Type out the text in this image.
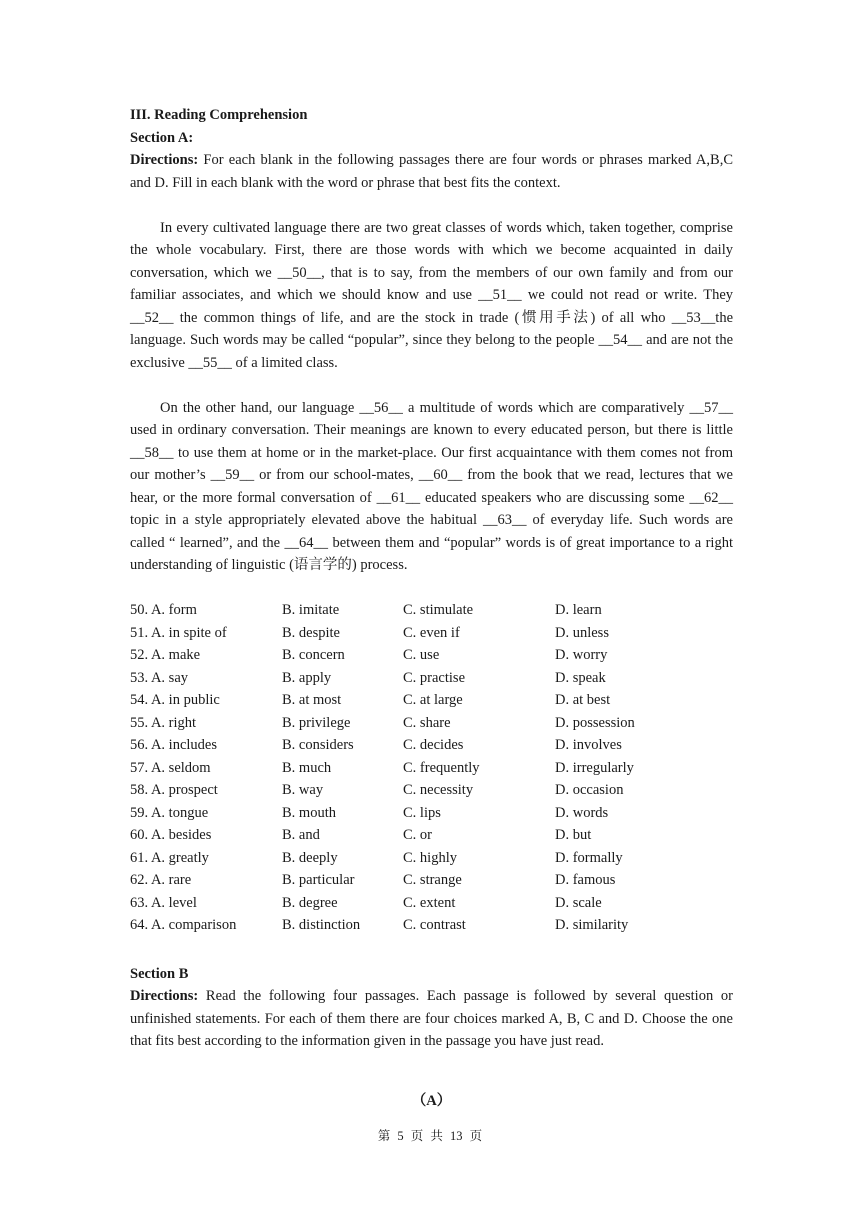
III. Reading Comprehension

Section A:

Directions: For each blank in the following passages there are four words or phrases marked A,B,C and D. Fill in each blank with the word or phrase that best fits the context.

In every cultivated language there are two great classes of words which, taken together, comprise the whole vocabulary. First, there are those words with which we become acquainted in daily conversation, which we __50__, that is to say, from the members of our own family and from our familiar associates, and which we should know and use __51__ we could not read or write. They __52__ the common things of life, and are the stock in trade (惯用手法) of all who __53__the language. Such words may be called “popular”, since they belong to the people __54__ and are not the exclusive __55__ of a limited class.

On the other hand, our language __56__ a multitude of words which are comparatively __57__ used in ordinary conversation. Their meanings are known to every educated person, but there is little __58__ to use them at home or in the market-place. Our first acquaintance with them comes not from our mother’s __59__ or from our school-mates, __60__ from the book that we read, lectures that we hear, or the more formal conversation of __61__ educated speakers who are discussing some __62__ topic in a style appropriately elevated above the habitual __63__ of everyday life. Such words are called “ learned”, and the __64__ between them and “popular” words is of great importance to a right understanding of linguistic (语言学的) process.

50. A. form	B. imitate	C. stimulate	D. learn
51. A. in spite of	B. despite	C. even if	D. unless
52. A. make	B. concern	C. use	D. worry
53. A. say	B. apply	C. practise	D. speak
54. A. in public	B. at most	C. at large	D. at best
55. A. right	B. privilege	C. share	D. possession
56. A. includes	B. considers	C. decides	D. involves
57. A. seldom	B. much	C. frequently	D. irregularly
58. A. prospect	B. way	C. necessity	D. occasion
59. A. tongue	B. mouth	C. lips	D. words
60. A. besides	B. and	C. or	D. but
61. A. greatly	B. deeply	C. highly	D. formally
62. A. rare	B. particular	C. strange	D. famous
63. A. level	B. degree	C. extent	D. scale
64. A. comparison	B. distinction	C. contrast	D. similarity

Section B

Directions: Read the following four passages. Each passage is followed by several question or unfinished statements. For each of them there are four choices marked A, B, C and D. Choose the one that fits best according to the information given in the passage you have just read.

（A）

第 5 页 共 13 页
